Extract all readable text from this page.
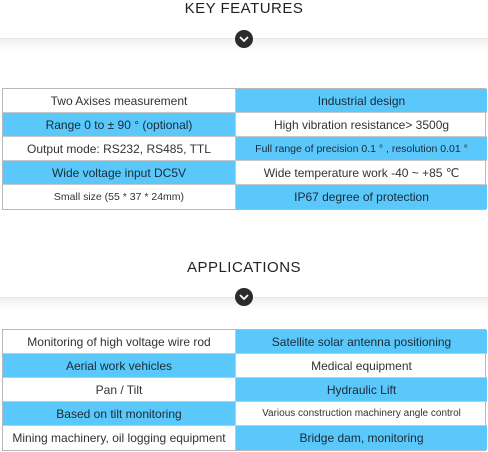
KEY FEATURES
Two Axises measurement	Industrial design
Range 0 to ± 90 ° (optional)	High vibration resistance> 3500g
Output mode: RS232, RS485, TTL	Full range of precision 0.1 ° , resolution 0.01 °
Wide voltage input DC5V	Wide temperature work -40 ~ +85 ℃
Small size (55 * 37 * 24mm)	IP67 degree of protection
APPLICATIONS
Monitoring of high voltage wire rod	Satellite solar antenna positioning
Aerial work vehicles	Medical equipment
Pan / Tilt	Hydraulic Lift
Based on tilt monitoring	Various construction machinery angle control
Mining machinery, oil logging equipment	Bridge dam, monitoring
